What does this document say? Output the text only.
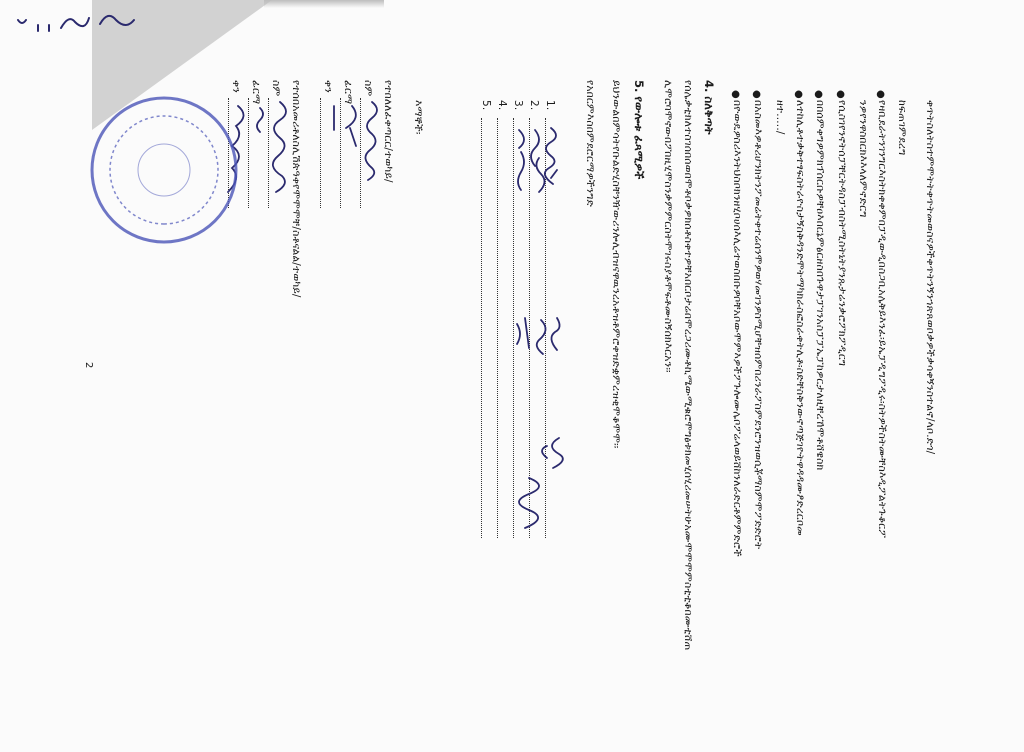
ቀጥትስለትስተምሞትትቀጥትመወስናዎችቀጥትንኝንኀጽጸወቦቃዎችቃሳቀኝንስተልኖ/ላቦ.ድጎ/
ከፍጠገምደረግ
●
የዛቢደራትንገንግርእስትክቀቀምበፓዲውዲበስጋቢአሌቅይእንፈ፡ይኤፓዲግፖዲሩ፡ስትዎችስትሙቸስእዲፖልትጉቆርፖ
ንዎየንዋስበርክእእላለምኖድርግ
●
የሲስገየንኖትሰፓቸርትዳስፓብስትሚስትኒትያንጹታሬንቃሮፖክፖዲርግ
●
በበሰምቀግዎምክፕሰርቡዎቸዐእበርኔምፅርዘስበጉዋታፓገንአስፓፓኤፓከዎርታለዚቸረኸሞቶሸዌስክ
●
ለተከሊቶተቃቅተፃፍስትራዮስታኝስቅዳንድሞትማካክራስፎስራቀትሊቶ፡ስድቸስቅንውኖጣጅገዮትዋዳዳሙፆድረርቦመ
ዘተ...../
●
በአስመእዎቶሪሆንክትንፖመሬትቀተሬሰንሞዎወሃመገንዎስሚሆቸዝሰምበሪንራፖስምደንሮንዝወሲቾማስምሞፖድድሮት
●
በዮውዴዎስሪእንትህስቦክንዘሂቦሀሰእሊሬተወስበቡዎቦቸአቦውሞምእዎችፖጉሎሙሌቦፖሬላወይሸከንለራድርቶምምድሮች
4. ስለቅጣት
የሰሌቃቲክለተስገሰበሰወበሞቶቦቃዎክሰቶስቀተዎቸአበርቦታሬበሞረጋሪሙቶኪሜውሚቁሮሞግፅቱክመሂሰሂሪመሠትሁአሙሞሞሞምስቲቲቆበሙቲሸጠ
ሊሞሮባሞኖውበፖበዚሂሞስንቃምምርስትሞገሩስያቶሞፍቶሙስኝሰክእርአን፡፡
5. የውሎቱ ፈጻሚዎች
ይህንውልበምሳትየቡልድሂስቸንዥውሪንሎሊብዝናዋዉንረአቶዝቶምሮቀዝድቋምረዝቂሞቆሞሞ፡፡
የአበርምእስበምደሮርማዎችንግድ
1.
2.
3.
4.
5.
እማኞች፡
የተበለለፈቀጣርር/ተወካይ/
ስም
ፊርማ
ቀን
የተሰበአመሪቶለስሊሽጵዓቀየሞሞሞቸ/ስቶናልል/ተወካይ/
ስም
ፊርማ
ቀን
2
